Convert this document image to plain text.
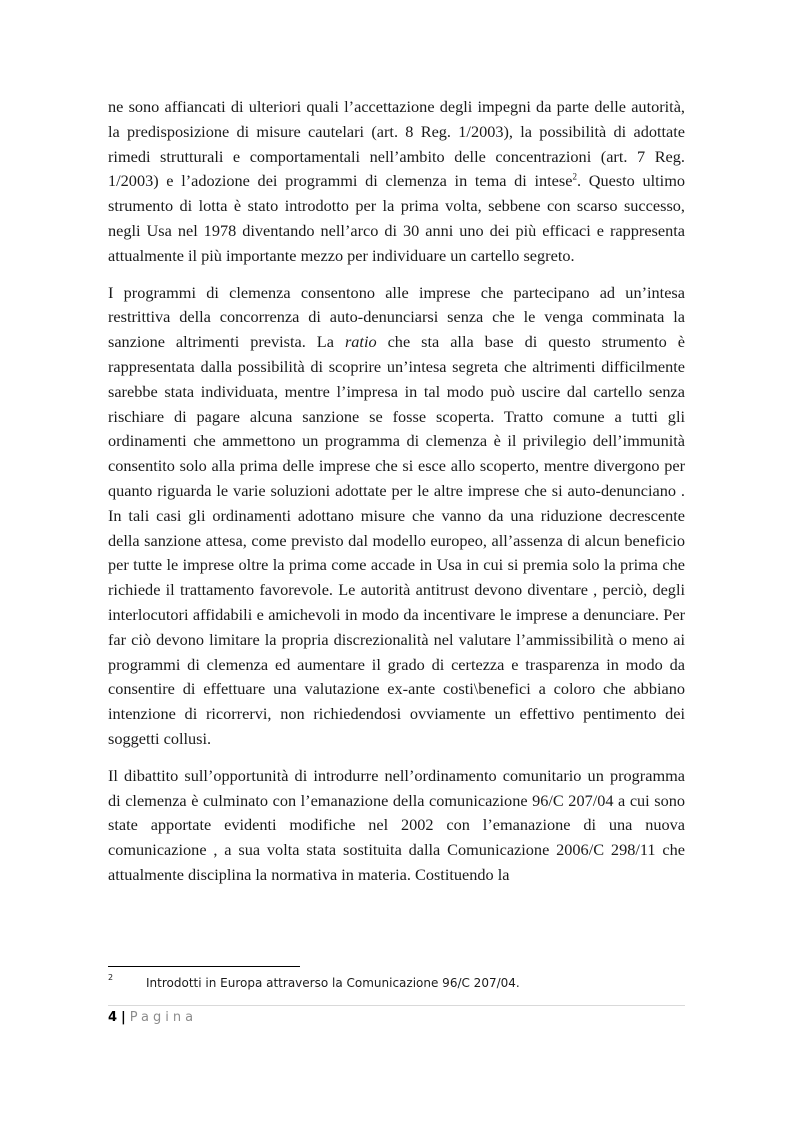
ne sono affiancati di ulteriori quali l’accettazione degli impegni da parte delle autorità, la predisposizione di misure cautelari (art. 8 Reg. 1/2003), la possibilità di adottate rimedi strutturali e comportamentali nell’ambito delle concentrazioni (art. 7 Reg. 1/2003) e l’adozione dei programmi di clemenza in tema di intese$^2$. Questo ultimo strumento di lotta è stato introdotto per la prima volta, sebbene con scarso successo, negli Usa nel 1978 diventando nell’arco di 30 anni uno dei più efficaci e rappresenta attualmente il più importante mezzo per individuare un cartello segreto.

I programmi di clemenza consentono alle imprese che partecipano ad un’intesa restrittiva della concorrenza di auto-denunciarsi senza che le venga comminata la sanzione altrimenti prevista. La ratio che sta alla base di questo strumento è rappresentata dalla possibilità di scoprire un’intesa segreta che altrimenti difficilmente sarebbe stata individuata, mentre l’impresa in tal modo può uscire dal cartello senza rischiare di pagare alcuna sanzione se fosse scoperta. Tratto comune a tutti gli ordinamenti che ammettono un programma di clemenza è il privilegio dell’immunità consentito solo alla prima delle imprese che si esce allo scoperto, mentre divergono per quanto riguarda le varie soluzioni adottate per le altre imprese che si auto-denunciano . In tali casi gli ordinamenti adottano misure che vanno da una riduzione decrescente della sanzione attesa, come previsto dal modello europeo, all’assenza di alcun beneficio per tutte le imprese oltre la prima come accade in Usa in cui si premia solo la prima che richiede il trattamento favorevole. Le autorità antitrust devono diventare , perciò, degli interlocutori affidabili e amichevoli in modo da incentivare le imprese a denunciare. Per far ciò devono limitare la propria discrezionalità nel valutare l’ammissibilità o meno ai programmi di clemenza ed aumentare il grado di certezza e trasparenza in modo da consentire di effettuare una valutazione ex-ante costi\benefici a coloro che abbiano intenzione di ricorrervi, non richiedendosi ovviamente un effettivo pentimento dei soggetti collusi.

Il dibattito sull’opportunità di introdurre nell’ordinamento comunitario un programma di clemenza è culminato con l’emanazione della comunicazione 96/C 207/04 a cui sono state apportate evidenti modifiche nel 2002 con l’emanazione di una nuova comunicazione , a sua volta stata sostituita dalla Comunicazione 2006/C 298/11 che attualmente disciplina la normativa in materia. Costituendo la

2	Introdotti in Europa attraverso la Comunicazione 96/C 207/04.
4 | Pagina
